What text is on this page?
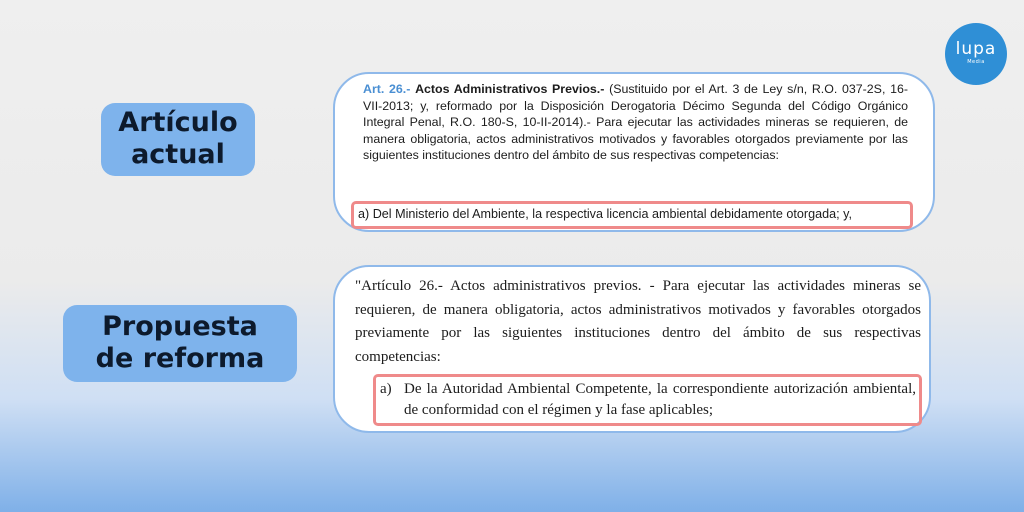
lupa
Media
Artículo actual
Propuesta de reforma
Art. 26.- Actos Administrativos Previos.- (Sustituido por el Art. 3 de Ley s/n, R.O. 037-2S, 16-VII-2013; y, reformado por la Disposición Derogatoria Décimo Segunda del Código Orgánico Integral Penal, R.O. 180-S, 10-II-2014).- Para ejecutar las actividades mineras se requieren, de manera obligatoria, actos administrativos motivados y favorables otorgados previamente por las siguientes instituciones dentro del ámbito de sus respectivas competencias:
a) Del Ministerio del Ambiente, la respectiva licencia ambiental debidamente otorgada; y,
"Artículo 26.- Actos administrativos previos. - Para ejecutar las actividades mineras se requieren, de manera obligatoria, actos administrativos motivados y favorables otorgados previamente por las siguientes instituciones dentro del ámbito de sus respectivas competencias:
a) De la Autoridad Ambiental Competente, la correspondiente autorización ambiental, de conformidad con el régimen y la fase aplicables;
